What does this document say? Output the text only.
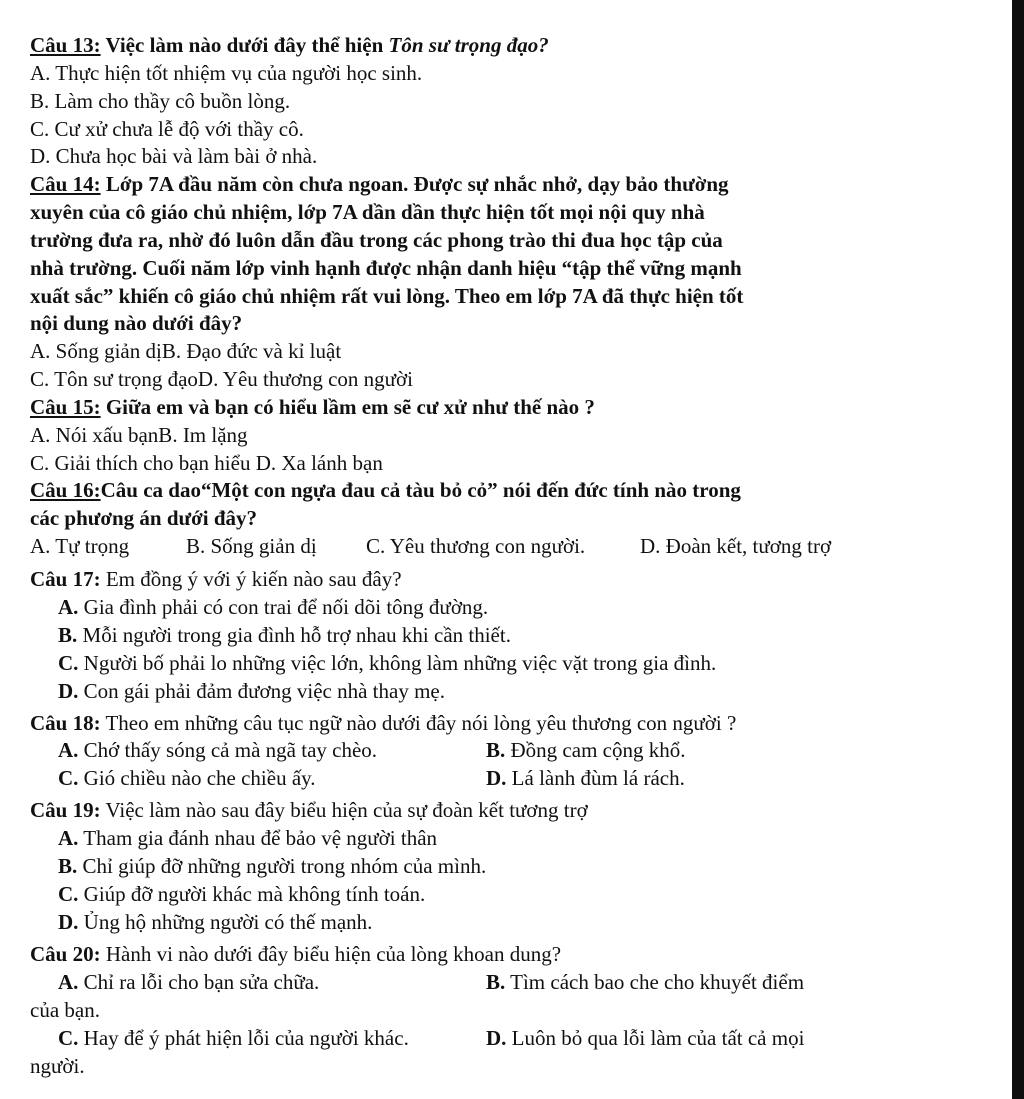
Câu 13: Việc làm nào dưới đây thể hiện Tôn sư trọng đạo?
A. Thực hiện tốt nhiệm vụ của người học sinh.
B. Làm cho thầy cô buồn lòng.
C. Cư xử chưa lễ độ với thầy cô.
D. Chưa học bài và làm bài ở nhà.
Câu 14: Lớp 7A đầu năm còn chưa ngoan. Được sự nhắc nhở, dạy bảo thường
xuyên của cô giáo chủ nhiệm, lớp 7A dần dần thực hiện tốt mọi nội quy nhà
trường đưa ra, nhờ đó luôn dẫn đầu trong các phong trào thi đua học tập của
nhà trường. Cuối năm lớp vinh hạnh được nhận danh hiệu “tập thể vững mạnh
xuất sắc” khiến cô giáo chủ nhiệm rất vui lòng. Theo em lớp 7A đã thực hiện tốt
nội dung nào dưới đây?
A. Sống giản dịB. Đạo đức và kỉ luật
C. Tôn sư trọng đạoD. Yêu thương con người
Câu 15: Giữa em và bạn có hiểu lầm em sẽ cư xử như thế nào ?
A. Nói xấu bạnB. Im lặng
C. Giải thích cho bạn hiểu D. Xa lánh bạn
Câu 16:Câu ca dao“Một con ngựa đau cả tàu bỏ cỏ” nói đến đức tính nào trong
các phương án dưới đây?
A. Tự trọng	B. Sống giản dị C. Yêu thương con người.	D. Đoàn kết, tương trợ
Câu 17: Em đồng ý với ý kiến nào sau đây?
A. Gia đình phải có con trai để nối dõi tông đường.
B. Mỗi người trong gia đình hỗ trợ nhau khi cần thiết.
C. Người bố phải lo những việc lớn, không làm những việc vặt trong gia đình.
D. Con gái phải đảm đương việc nhà thay mẹ.
Câu 18: Theo em những câu tục ngữ nào dưới đây nói lòng yêu thương con người ?
A. Chớ thấy sóng cả mà ngã tay chèo.	B. Đồng cam cộng khổ.
C. Gió chiều nào che chiều ấy.	D. Lá lành đùm lá rách.
Câu 19: Việc làm nào sau đây biểu hiện của sự đoàn kết tương trợ
A. Tham gia đánh nhau để bảo vệ người thân
B. Chỉ giúp đỡ những người trong nhóm của mình.
C. Giúp đỡ người khác mà không tính toán.
D. Ủng hộ những người có thế mạnh.
Câu 20: Hành vi nào dưới đây biểu hiện của lòng khoan dung?
A. Chỉ ra lỗi cho bạn sửa chữa.	B. Tìm cách bao che cho khuyết điểm
của bạn.
C. Hay để ý phát hiện lỗi của người khác.	D. Luôn bỏ qua lỗi làm của tất cả mọi
người.
